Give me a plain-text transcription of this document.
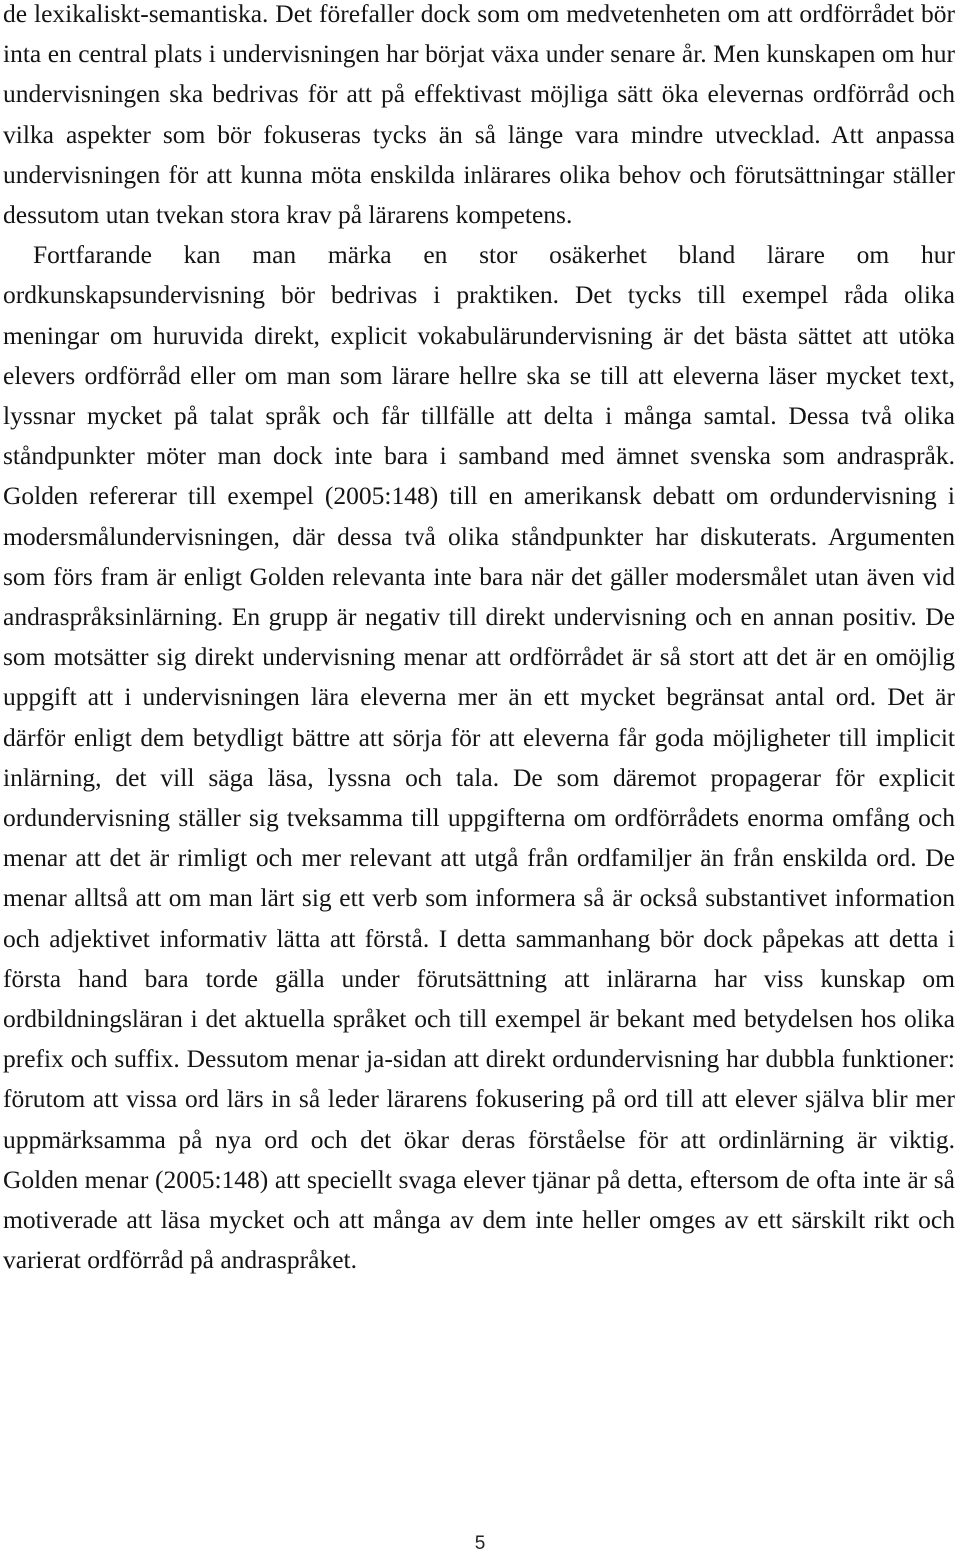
de lexikaliskt-semantiska. Det förefaller dock som om medvetenheten om att ordförrådet bör inta en central plats i undervisningen har börjat växa under senare år. Men kunskapen om hur undervisningen ska bedrivas för att på effektivast möjliga sätt öka elevernas ordförråd och vilka aspekter som bör fokuseras tycks än så länge vara mindre utvecklad. Att anpassa undervisningen för att kunna möta enskilda inlärares olika behov och förutsättningar ställer dessutom utan tvekan stora krav på lärarens kompetens.

Fortfarande kan man märka en stor osäkerhet bland lärare om hur ordkunskapsundervisning bör bedrivas i praktiken. Det tycks till exempel råda olika meningar om huruvida direkt, explicit vokabulärundervisning är det bästa sättet att utöka elevers ordförråd eller om man som lärare hellre ska se till att eleverna läser mycket text, lyssnar mycket på talat språk och får tillfälle att delta i många samtal. Dessa två olika ståndpunkter möter man dock inte bara i samband med ämnet svenska som andraspråk. Golden refererar till exempel (2005:148) till en amerikansk debatt om ordundervisning i modersmålundervisningen, där dessa två olika ståndpunkter har diskuterats. Argumenten som förs fram är enligt Golden relevanta inte bara när det gäller modersmålet utan även vid andraspråksinlärning. En grupp är negativ till direkt undervisning och en annan positiv. De som motsätter sig direkt undervisning menar att ordförrådet är så stort att det är en omöjlig uppgift att i undervisningen lära eleverna mer än ett mycket begränsat antal ord. Det är därför enligt dem betydligt bättre att sörja för att eleverna får goda möjligheter till implicit inlärning, det vill säga läsa, lyssna och tala. De som däremot propagerar för explicit ordundervisning ställer sig tveksamma till uppgifterna om ordförrådets enorma omfång och menar att det är rimligt och mer relevant att utgå från ordfamiljer än från enskilda ord. De menar alltså att om man lärt sig ett verb som informera så är också substantivet information och adjektivet informativ lätta att förstå. I detta sammanhang bör dock påpekas att detta i första hand bara torde gälla under förutsättning att inlärarna har viss kunskap om ordbildningsläran i det aktuella språket och till exempel är bekant med betydelsen hos olika prefix och suffix. Dessutom menar ja-sidan att direkt ordundervisning har dubbla funktioner: förutom att vissa ord lärs in så leder lärarens fokusering på ord till att elever själva blir mer uppmärksamma på nya ord och det ökar deras förståelse för att ordinlärning är viktig. Golden menar (2005:148) att speciellt svaga elever tjänar på detta, eftersom de ofta inte är så motiverade att läsa mycket och att många av dem inte heller omges av ett särskilt rikt och varierat ordförråd på andraspråket.

5
